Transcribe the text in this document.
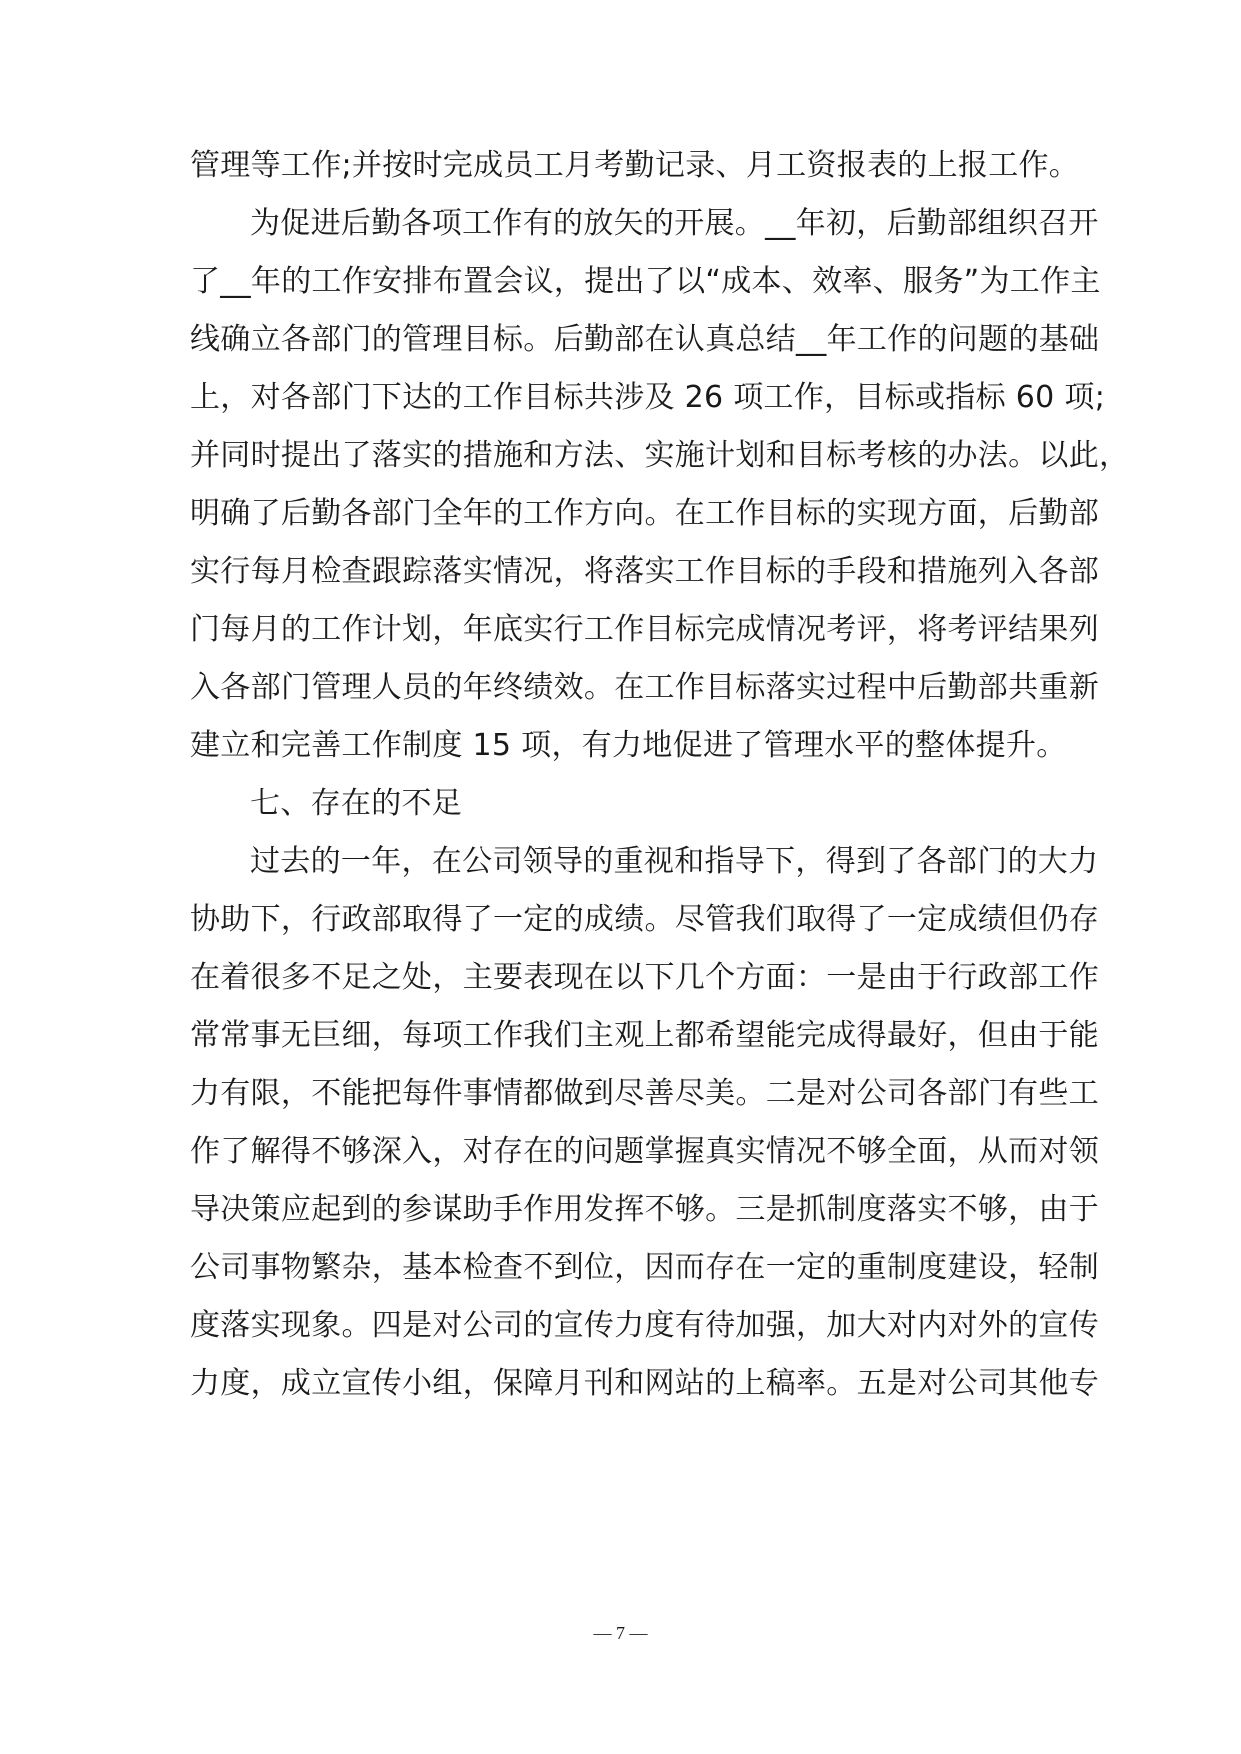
管理等工作;并按时完成员工月考勤记录、月工资报表的上报工作。
为促进后勤各项工作有的放矢的开展。__年初，后勤部组织召开
了__年的工作安排布置会议，提出了以“成本、效率、服务”为工作主
线确立各部门的管理目标。后勤部在认真总结__年工作的问题的基础
上，对各部门下达的工作目标共涉及 26 项工作，目标或指标 60 项;
并同时提出了落实的措施和方法、实施计划和目标考核的办法。以此，
明确了后勤各部门全年的工作方向。在工作目标的实现方面，后勤部
实行每月检查跟踪落实情况，将落实工作目标的手段和措施列入各部
门每月的工作计划，年底实行工作目标完成情况考评，将考评结果列
入各部门管理人员的年终绩效。在工作目标落实过程中后勤部共重新
建立和完善工作制度 15 项，有力地促进了管理水平的整体提升。
七、存在的不足
过去的一年，在公司领导的重视和指导下，得到了各部门的大力
协助下，行政部取得了一定的成绩。尽管我们取得了一定成绩但仍存
在着很多不足之处，主要表现在以下几个方面：一是由于行政部工作
常常事无巨细，每项工作我们主观上都希望能完成得最好，但由于能
力有限，不能把每件事情都做到尽善尽美。二是对公司各部门有些工
作了解得不够深入，对存在的问题掌握真实情况不够全面，从而对领
导决策应起到的参谋助手作用发挥不够。三是抓制度落实不够，由于
公司事物繁杂，基本检查不到位，因而存在一定的重制度建设，轻制
度落实现象。四是对公司的宣传力度有待加强，加大对内对外的宣传
力度，成立宣传小组，保障月刊和网站的上稿率。五是对公司其他专
— 7 —
